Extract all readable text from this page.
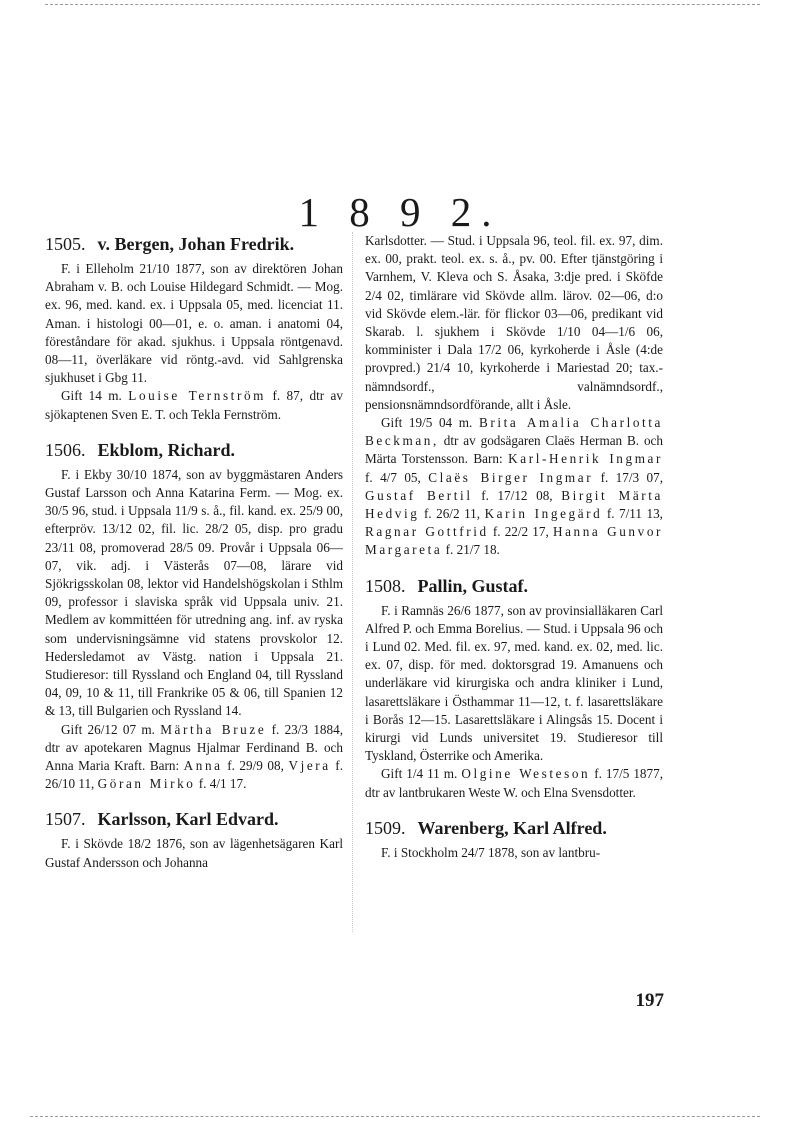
1 8 9 2.
1505. v. Bergen, Johan Fredrik.

F. i Elleholm 21/10 1877, son av direktören Johan Abraham v. B. och Louise Hildegard Schmidt. — Mog. ex. 96, med. kand. ex. i Uppsala 05, med. licenciat 11. Aman. i histologi 00—01, e. o. aman. i anatomi 04, föreståndare för akad. sjukhus. i Uppsala röntgenavd. 08—11, överläkare vid röntg.-avd. vid Sahlgrenska sjukhuset i Gbg 11.

Gift 14 m. Louise Ternström f. 87, dtr av sjökaptenen Sven E. T. och Tekla Fernström.

1506. Ekblom, Richard.

F. i Ekby 30/10 1874, son av byggmästaren Anders Gustaf Larsson och Anna Katarina Ferm. — Mog. ex. 30/5 96, stud. i Uppsala 11/9 s. å., fil. kand. ex. 25/9 00, efterpröv. 13/12 02, fil. lic. 28/2 05, disp. pro gradu 23/11 08, promoverad 28/5 09. Provår i Uppsala 06—07, vik. adj. i Västerås 07—08, lärare vid Sjökrigsskolan 08, lektor vid Handelshögskolan i Sthlm 09, professor i slaviska språk vid Uppsala univ. 21. Medlem av kommittéen för utredning ang. inf. av ryska som undervisningsämne vid statens provskolor 12. Hedersledamot av Västg. nation i Uppsala 21. Studieresor: till Ryssland och England 04, till Ryssland 04, 09, 10 & 11, till Frankrike 05 & 06, till Spanien 12 & 13, till Bulgarien och Ryssland 14.

Gift 26/12 07 m. Märtha Bruze f. 23/3 1884, dtr av apotekaren Magnus Hjalmar Ferdinand B. och Anna Maria Kraft. Barn: Anna f. 29/9 08, Vjera f. 26/10 11, Göran Mirko f. 4/1 17.

1507. Karlsson, Karl Edvard.

F. i Skövde 18/2 1876, son av lägenhetsägaren Karl Gustaf Andersson och Johanna

Karlsdotter. — Stud. i Uppsala 96, teol. fil. ex. 97, dim. ex. 00, prakt. teol. ex. s. å., pv. 00. Efter tjänstgöring i Varnhem, V. Kleva och S. Åsaka, 3:dje pred. i Sköfde 2/4 02, timlärare vid Skövde allm. lärov. 02—06, d:o vid Skövde elem.-lär. för flickor 03—06, predikant vid Skarab. l. sjukhem i Skövde 1/10 04—1/6 06, komminister i Dala 17/2 06, kyrkoherde i Åsle (4:de provpred.) 21/4 10, kyrkoherde i Mariestad 20; tax.-nämndsordf., valnämndsordf., pensionsnämndsordförande, allt i Åsle.

Gift 19/5 04 m. Brita Amalia Charlotta Beckman, dtr av godsägaren Claës Herman B. och Märta Torstensson. Barn: Karl-Henrik Ingmar f. 4/7 05, Claës Birger Ingmar f. 17/3 07, Gustaf Bertil f. 17/12 08, Birgit Märta Hedvig f. 26/2 11, Karin Ingegärd f. 7/11 13, Ragnar Gottfrid f. 22/2 17, Hanna Gunvor Margareta f. 21/7 18.

1508. Pallin, Gustaf.

F. i Ramnäs 26/6 1877, son av provinsialläkaren Carl Alfred P. och Emma Borelius. — Stud. i Uppsala 96 och i Lund 02. Med. fil. ex. 97, med. kand. ex. 02, med. lic. ex. 07, disp. för med. doktorsgrad 19. Amanuens och underläkare vid kirurgiska och andra kliniker i Lund, lasarettsläkare i Östhammar 11—12, t. f. lasarettsläkare i Borås 12—15. Lasarettsläkare i Alingsås 15. Docent i kirurgi vid Lunds universitet 19. Studieresor till Tyskland, Österrike och Amerika.

Gift 1/4 11 m. Olgine Westeson f. 17/5 1877, dtr av lantbrukaren Weste W. och Elna Svensdotter.

1509. Warenberg, Karl Alfred.

F. i Stockholm 24/7 1878, son av lantbru-

197
